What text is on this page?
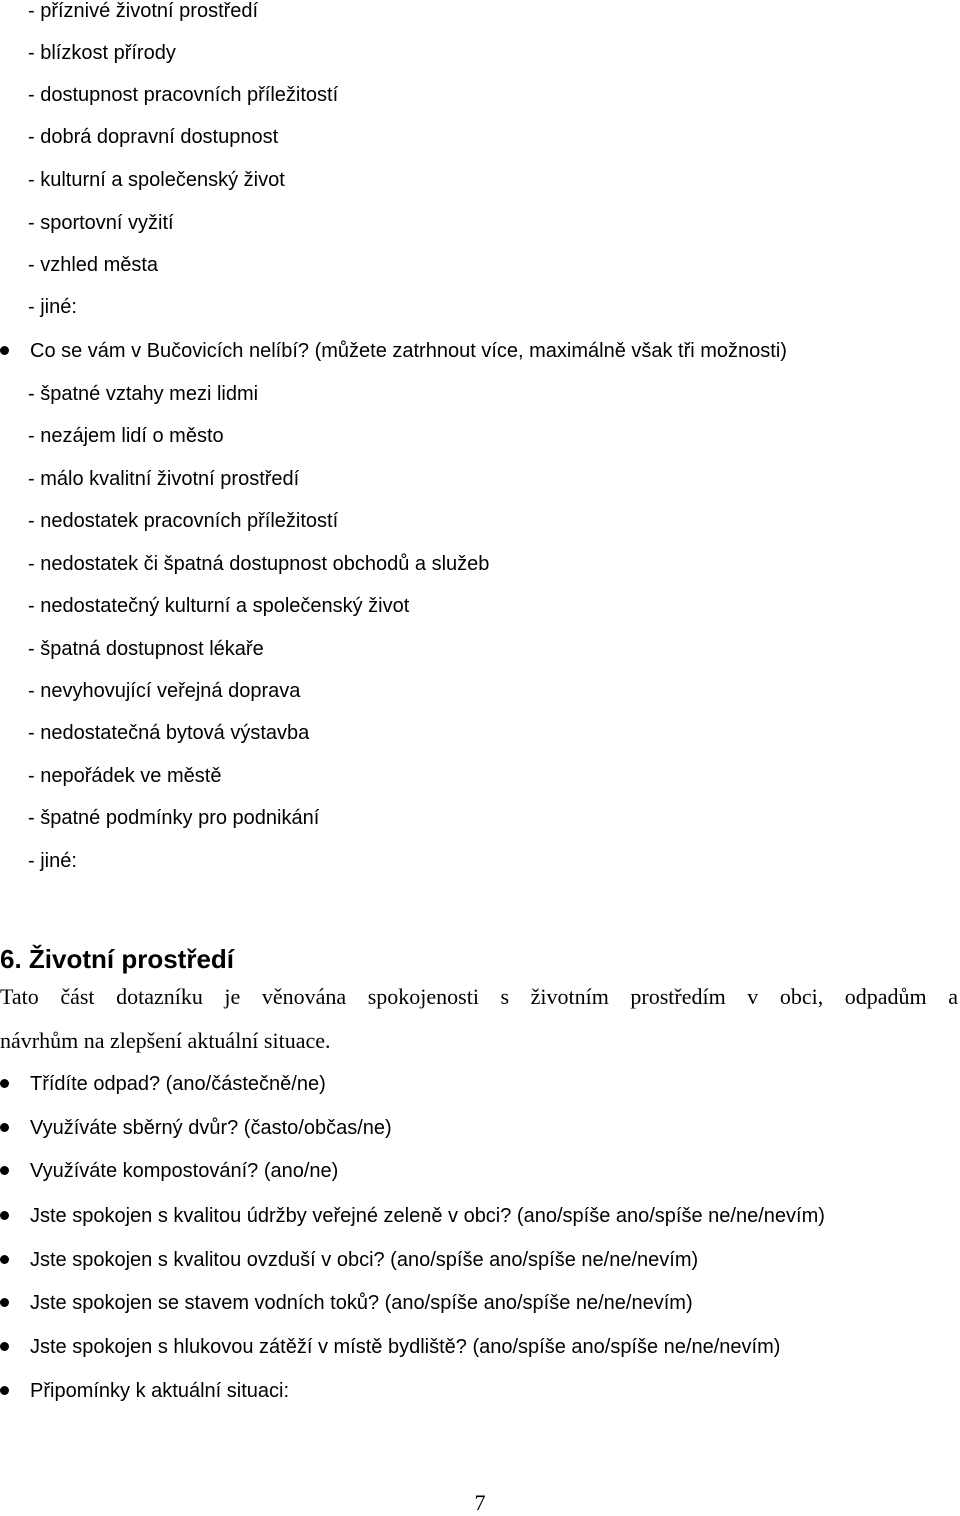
- příznivé životní prostředí
- blízkost přírody
- dostupnost pracovních příležitostí
- dobrá dopravní dostupnost
- kulturní a společenský život
- sportovní vyžití
- vzhled města
- jiné:
Co se vám v Bučovicích nelíbí? (můžete zatrhnout více, maximálně však tři možnosti)
- špatné vztahy mezi lidmi
- nezájem lidí o město
- málo kvalitní životní prostředí
- nedostatek pracovních příležitostí
- nedostatek či špatná dostupnost obchodů a služeb
- nedostatečný kulturní a společenský život
- špatná dostupnost lékaře
- nevyhovující veřejná doprava
- nedostatečná bytová výstavba
- nepořádek ve městě
- špatné podmínky pro podnikání
- jiné:
6. Životní prostředí
Tato část dotazníku je věnována spokojenosti s životním prostředím v obci, odpadům a
návrhům na zlepšení aktuální situace.
Třídíte odpad? (ano/částečně/ne)
Využíváte sběrný dvůr? (často/občas/ne)
Využíváte kompostování? (ano/ne)
Jste spokojen s kvalitou údržby veřejné zeleně v obci? (ano/spíše ano/spíše ne/ne/nevím)
Jste spokojen s kvalitou ovzduší v obci? (ano/spíše ano/spíše ne/ne/nevím)
Jste spokojen se stavem vodních toků? (ano/spíše ano/spíše ne/ne/nevím)
Jste spokojen s hlukovou zátěží v místě bydliště? (ano/spíše ano/spíše ne/ne/nevím)
Připomínky k aktuální situaci:
7
